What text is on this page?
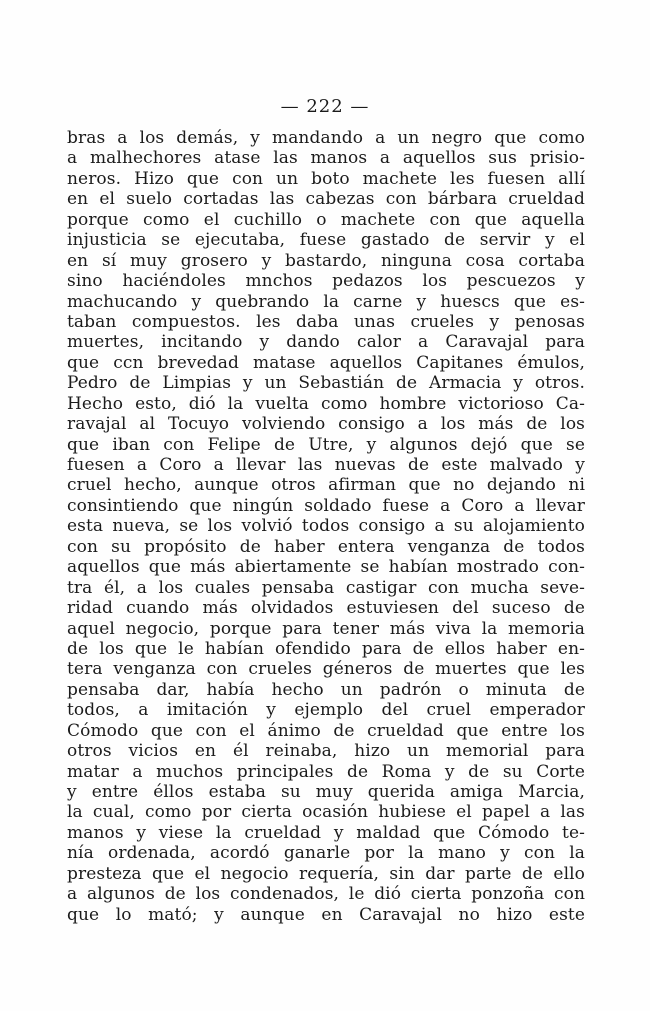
— 222 —
bras a los demás, y mandando a un negro que como
a malhechores atase las manos a aquellos sus prisio-
neros. Hizo que con un boto machete les fuesen allí
en el suelo cortadas las cabezas con bárbara crueldad
porque como el cuchillo o machete con que aquella
injusticia se ejecutaba, fuese gastado de servir y el
en sí muy grosero y bastardo, ninguna cosa cortaba
sino haciéndoles mnchos pedazos los pescuezos y
machucando y quebrando la carne y huescs que es-
taban compuestos. les daba unas crueles y penosas
muertes, incitando y dando calor a Caravajal para
que ccn brevedad matase aquellos Capitanes émulos,
Pedro de Limpias y un Sebastián de Armacia y otros.
Hecho esto, dió la vuelta como hombre victorioso Ca-
ravajal al Tocuyo volviendo consigo a los más de los
que iban con Felipe de Utre, y algunos dejó que se
fuesen a Coro a llevar las nuevas de este malvado y
cruel hecho, aunque otros afirman que no dejando ni
consintiendo que ningún soldado fuese a Coro a llevar
esta nueva, se los volvió todos consigo a su alojamiento
con su propósito de haber entera venganza de todos
aquellos que más abiertamente se habían mostrado con-
tra él, a los cuales pensaba castigar con mucha seve-
ridad cuando más olvidados estuviesen del suceso de
aquel negocio, porque para tener más viva la memoria
de los que le habían ofendido para de ellos haber en-
tera venganza con crueles géneros de muertes que les
pensaba dar, había hecho un padrón o minuta de
todos, a imitación y ejemplo del cruel emperador
Cómodo que con el ánimo de crueldad que entre los
otros vicios en él reinaba, hizo un memorial para
matar a muchos principales de Roma y de su Corte
y entre éllos estaba su muy querida amiga Marcia,
la cual, como por cierta ocasión hubiese el papel a las
manos y viese la crueldad y maldad que Cómodo te-
nía ordenada, acordó ganarle por la mano y con la
presteza que el negocio requería, sin dar parte de ello
a algunos de los condenados, le dió cierta ponzoña con
que lo mató; y aunque en Caravajal no hizo este
